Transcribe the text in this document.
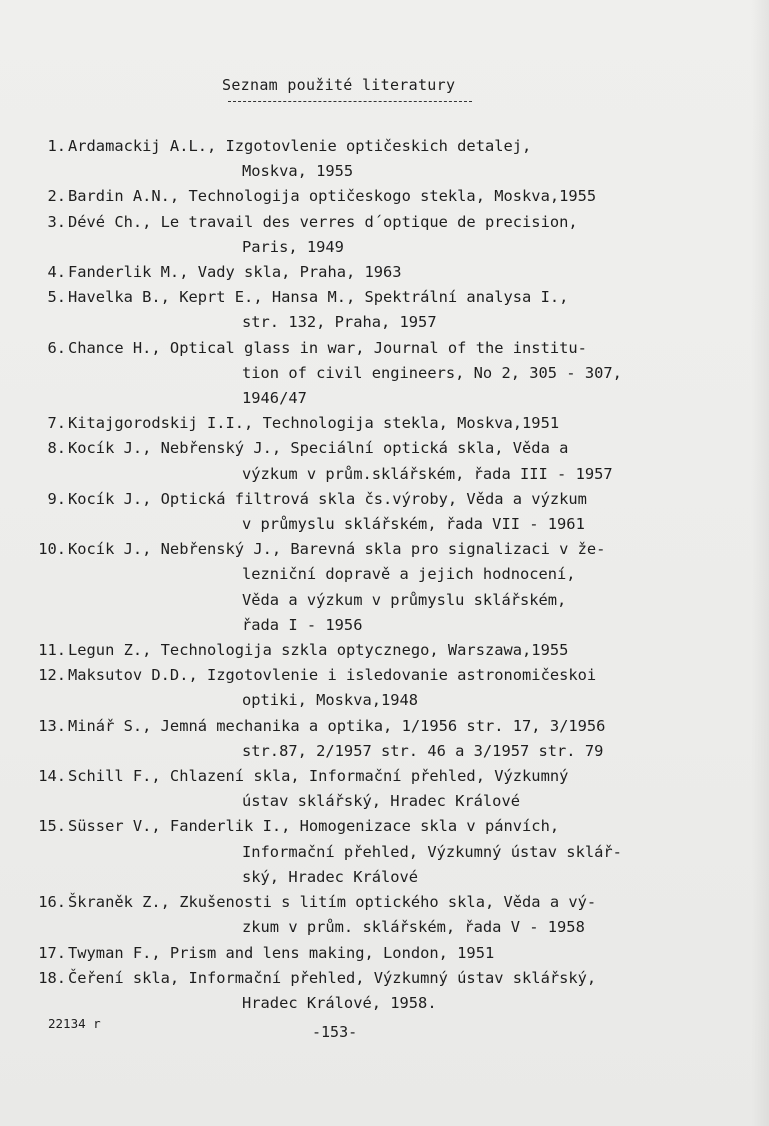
Seznam použité literatury
1. Ardamackij A.L., Izgotovlenie optičeskich detalej,
Moskva, 1955
2. Bardin A.N., Technologija optičeskogo stekla, Moskva,1955
3. Dévé Ch., Le travail des verres d´optique de precision,
Paris, 1949
4. Fanderlik M., Vady skla, Praha, 1963
5. Havelka B., Keprt E., Hansa M., Spektrální analysa I.,
str. 132, Praha, 1957
6. Chance H., Optical glass in war, Journal of the institu-
tion of civil engineers, No 2, 305 - 307,
1946/47
7. Kitajgorodskij I.I., Technologija stekla, Moskva,1951
8. Kocík J., Nebřenský J., Speciální optická skla, Věda a
výzkum v prům.sklářském, řada III - 1957
9. Kocík J., Optická filtrová skla čs.výroby, Věda a výzkum
v průmyslu sklářském, řada VII - 1961
10. Kocík J., Nebřenský J., Barevná skla pro signalizaci v že-
lezniční dopravě a jejich hodnocení,
Věda a výzkum v průmyslu sklářském,
řada I - 1956
11. Legun Z., Technologija szkla optycznego, Warszawa,1955
12. Maksutov D.D., Izgotovlenie i isledovanie astronomičeskoi
optiki, Moskva,1948
13. Minář S., Jemná mechanika a optika, 1/1956 str. 17, 3/1956
str.87, 2/1957 str. 46 a 3/1957 str. 79
14. Schill F., Chlazení skla, Informační přehled, Výzkumný
ústav sklářský, Hradec Králové
15. Süsser V., Fanderlik I., Homogenizace skla v pánvích,
Informační přehled, Výzkumný ústav sklář-
ský, Hradec Králové
16. Škraněk Z., Zkušenosti s litím optického skla, Věda a vý-
zkum v prům. sklářském, řada V - 1958
17. Twyman F., Prism and lens making, London, 1951
18. Čeření skla, Informační přehled, Výzkumný ústav sklářský,
Hradec Králové, 1958.
22134 r	-153-
